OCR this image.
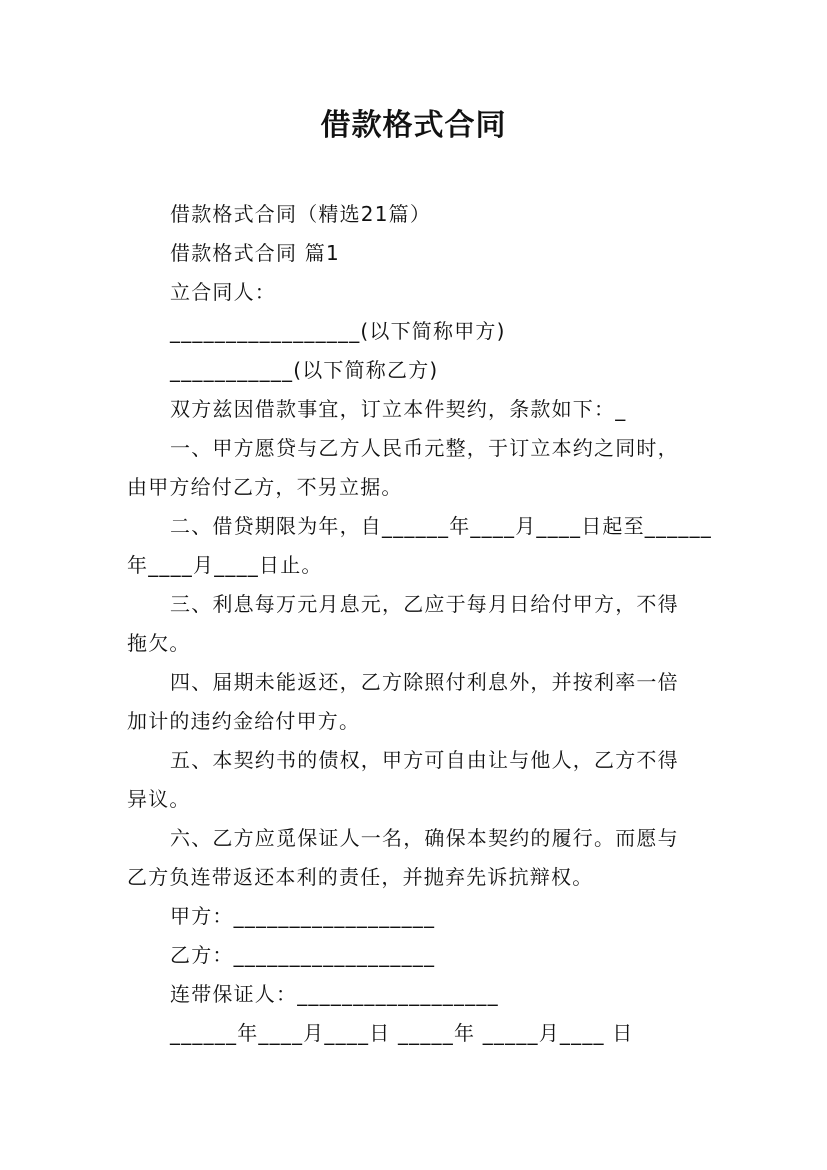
借款格式合同
借款格式合同（精选21篇）
借款格式合同 篇1
立合同人：
_________________(以下简称甲方)
___________(以下简称乙方)
双方兹因借款事宜，订立本件契约，条款如下：_
一、甲方愿贷与乙方人民币元整，于订立本约之同时，
由甲方给付乙方，不另立据。
二、借贷期限为年，自______年____月____日起至______
年____月____日止。
三、利息每万元月息元，乙应于每月日给付甲方，不得
拖欠。
四、届期未能返还，乙方除照付利息外，并按利率一倍
加计的违约金给付甲方。
五、本契约书的债权，甲方可自由让与他人，乙方不得
异议。
六、乙方应觅保证人一名，确保本契约的履行。而愿与
乙方负连带返还本利的责任，并抛弃先诉抗辩权。
甲方：__________________
乙方：__________________
连带保证人：__________________
______年____月____日 _____年 _____月____ 日
